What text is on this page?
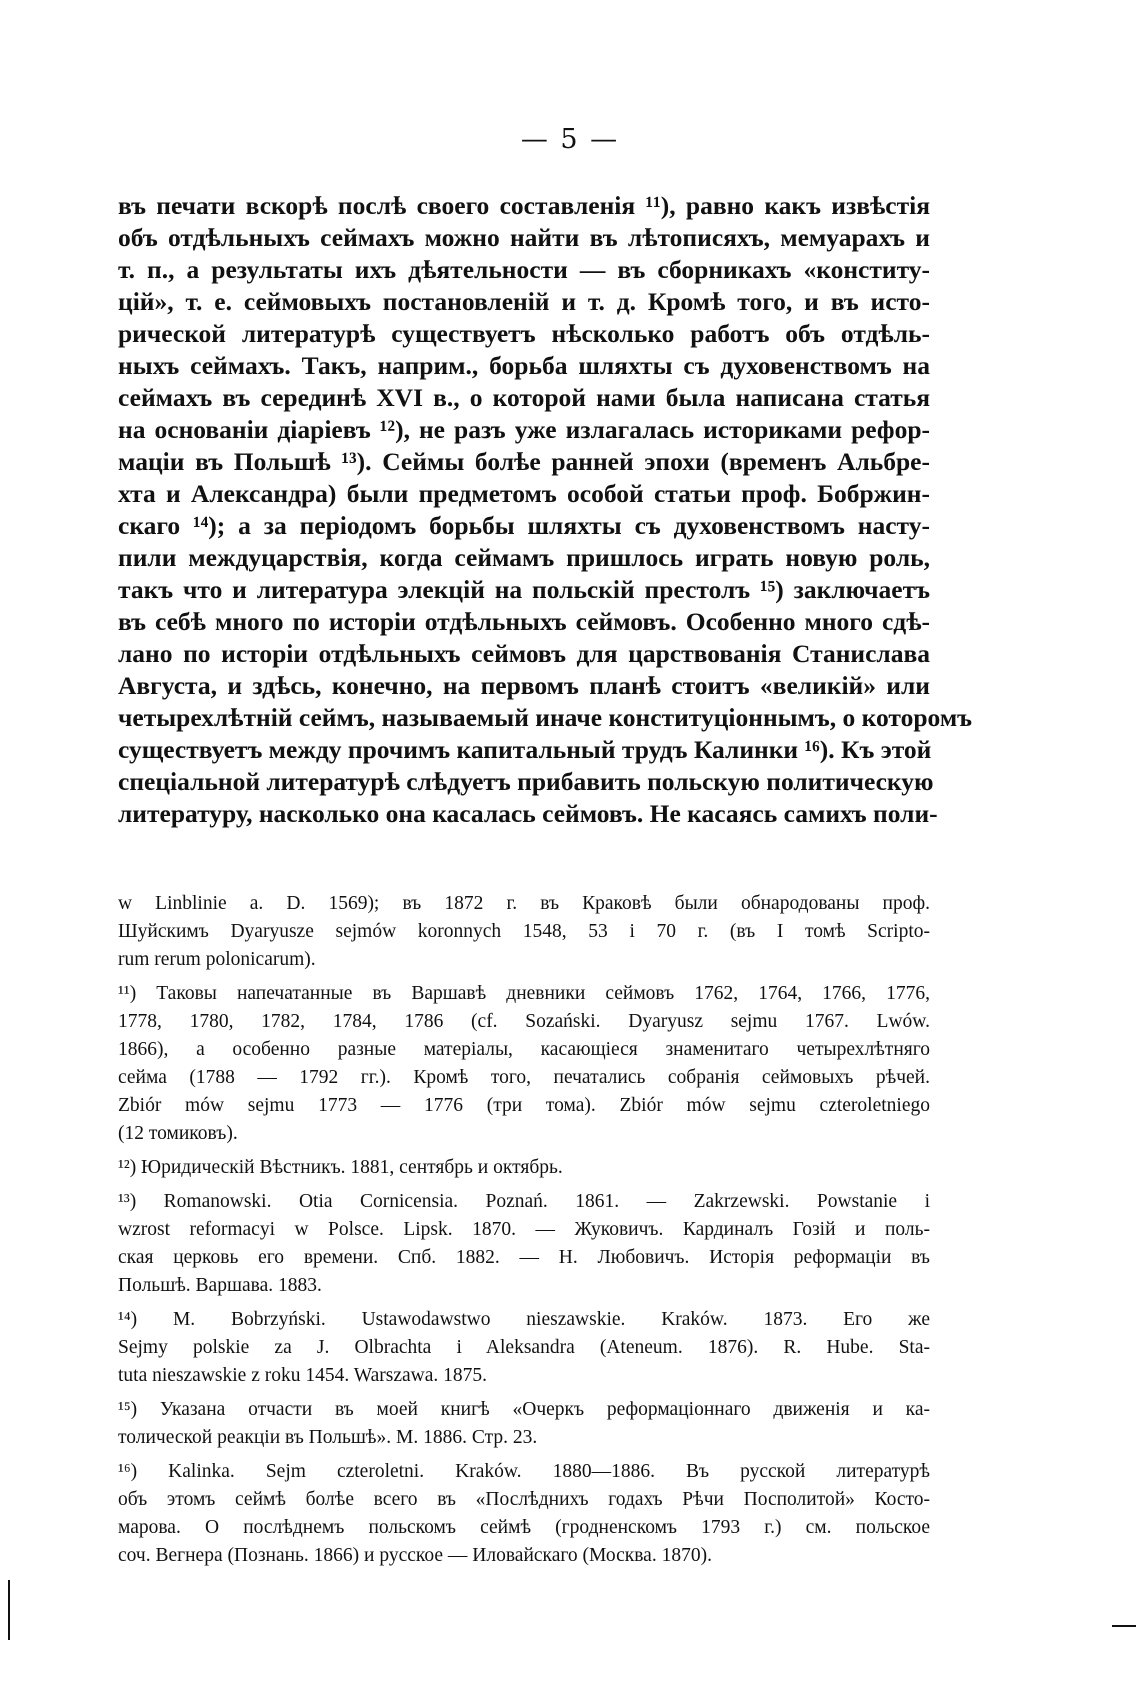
— 5 —
въ печати вскорѣ послѣ своего составленія ¹¹), равно какъ извѣстія
объ отдѣльныхъ сеймахъ можно найти въ лѣтописяхъ, мемуарахъ и
т. п., а результаты ихъ дѣятельности — въ сборникахъ «конститу-
цій», т. е. сеймовыхъ постановленій и т. д. Кромѣ того, и въ исто-
рической литературѣ существуетъ нѣсколько работъ объ отдѣль-
ныхъ сеймахъ. Такъ, наприм., борьба шляхты съ духовенствомъ на
сеймахъ въ серединѣ XVI в., о которой нами была написана статья
на основаніи діаріевъ ¹²), не разъ уже излагалась историками рефор-
маціи въ Польшѣ ¹³). Сеймы болѣе ранней эпохи (временъ Альбре-
хта и Александра) были предметомъ особой статьи проф. Бобржин-
скаго ¹⁴); а за періодомъ борьбы шляхты съ духовенствомъ насту-
пили междуцарствія, когда сеймамъ пришлось играть новую роль,
такъ что и литература элекцій на польскій престолъ ¹⁵) заключаетъ
въ себѣ много по исторіи отдѣльныхъ сеймовъ. Особенно много сдѣ-
лано по исторіи отдѣльныхъ сеймовъ для царствованія Станислава
Августа, и здѣсь, конечно, на первомъ планѣ стоитъ «великій» или
четырехлѣтній сеймъ, называемый иначе конституціоннымъ, о которомъ
существуетъ между прочимъ капитальный трудъ Калинки ¹⁶). Къ этой
спеціальной литературѣ слѣдуетъ прибавить польскую политическую
литературу, насколько она касалась сеймовъ. Не касаясь самихъ поли-
w Linblinie a. D. 1569); въ 1872 г. въ Краковѣ были обнародованы проф.
Шуйскимъ Dyaryusze sejmów koronnych 1548, 53 i 70 г. (въ I томѣ Scripto-
rum rerum polonicarum).
¹¹) Таковы напечатанные въ Варшавѣ дневники сеймовъ 1762, 1764, 1766, 1776,
1778, 1780, 1782, 1784, 1786 (cf. Sozański. Dyaryusz sejmu 1767. Lwów.
1866), а особенно разные матеріалы, касающіеся знаменитаго четырехлѣтняго
сейма (1788 — 1792 гг.). Кромѣ того, печатались собранія сеймовыхъ рѣчей.
Zbiór mów sejmu 1773 — 1776 (три тома). Zbiór mów sejmu czteroletniego
(12 томиковъ).
¹²) Юридическій Вѣстникъ. 1881, сентябрь и октябрь.
¹³) Romanowski. Otia Cornicensia. Poznań. 1861. — Zakrzewski. Powstanie i
wzrost reformacyi w Polsce. Lipsk. 1870. — Жуковичъ. Кардиналъ Гозій и поль-
ская церковь его времени. Спб. 1882. — Н. Любовичъ. Исторія реформаціи въ
Польшѣ. Варшава. 1883.
¹⁴) М. Bobrzyński. Ustawodawstwo nieszawskie. Kraków. 1873. Его же
Sejmy polskie za J. Olbrachta i Aleksandra (Ateneum. 1876). R. Hube. Sta-
tuta nieszawskie z roku 1454. Warszawa. 1875.
¹⁵) Указана отчасти въ моей книгѣ «Очеркъ реформаціоннаго движенія и ка-
толической реакціи въ Польшѣ». М. 1886. Стр. 23.
¹⁶) Kalinka. Sejm czteroletni. Kraków. 1880—1886. Въ русской литературѣ
объ этомъ сеймѣ болѣе всего въ «Послѣднихъ годахъ Рѣчи Посполитой» Косто-
марова. О послѣднемъ польскомъ сеймѣ (гродненскомъ 1793 г.) см. польское
соч. Вегнера (Познань. 1866) и русское — Иловайскаго (Москва. 1870).
